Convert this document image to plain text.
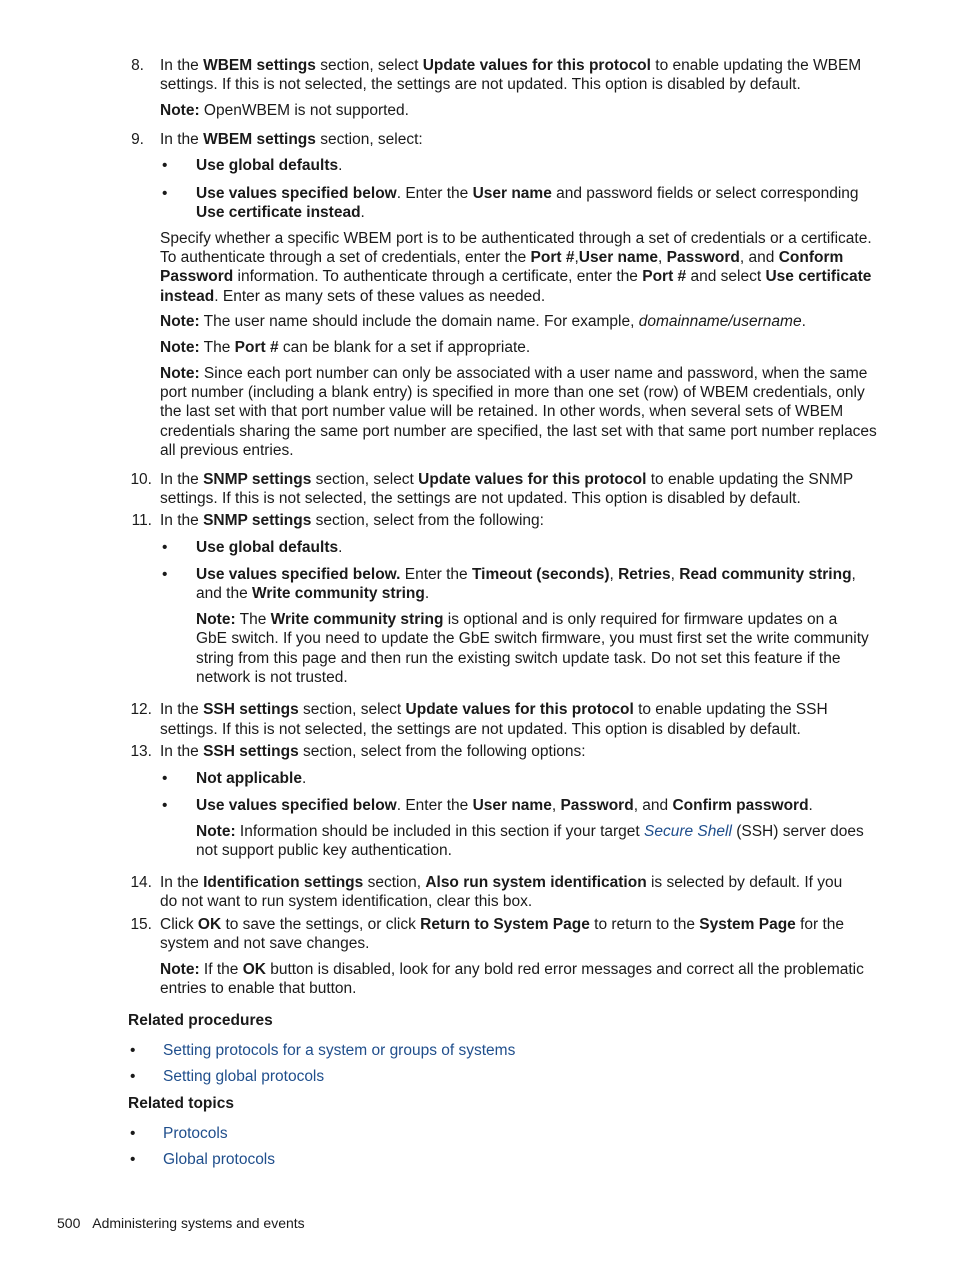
8. In the WBEM settings section, select Update values for this protocol to enable updating the WBEM

settings. If this is not selected, the settings are not updated. This option is disabled by default.

Note: OpenWBEM is not supported.

9. In the WBEM settings section, select:

• Use global defaults.

• Use values specified below. Enter the User name and password fields or select corresponding

Use certificate instead.

Specify whether a specific WBEM port is to be authenticated through a set of credentials or a certificate.

To authenticate through a set of credentials, enter the Port #,User name, Password, and Conform

Password information. To authenticate through a certificate, enter the Port # and select Use certificate

instead. Enter as many sets of these values as needed.

Note: The user name should include the domain name. For example, domainname/username.

Note: The Port # can be blank for a set if appropriate.

Note: Since each port number can only be associated with a user name and password, when the same

port number (including a blank entry) is specified in more than one set (row) of WBEM credentials, only

the last set with that port number value will be retained. In other words, when several sets of WBEM

credentials sharing the same port number are specified, the last set with that same port number replaces

all previous entries.

10. In the SNMP settings section, select Update values for this protocol to enable updating the SNMP

settings. If this is not selected, the settings are not updated. This option is disabled by default.

11. In the SNMP settings section, select from the following:

• Use global defaults.

• Use values specified below. Enter the Timeout (seconds), Retries, Read community string,

and the Write community string.

Note: The Write community string is optional and is only required for firmware updates on a

GbE switch. If you need to update the GbE switch firmware, you must first set the write community

string from this page and then run the existing switch update task. Do not set this feature if the

network is not trusted.

12. In the SSH settings section, select Update values for this protocol to enable updating the SSH

settings. If this is not selected, the settings are not updated. This option is disabled by default.

13. In the SSH settings section, select from the following options:

• Not applicable.

• Use values specified below. Enter the User name, Password, and Confirm password.

Note: Information should be included in this section if your target Secure Shell (SSH) server does

not support public key authentication.

14. In the Identification settings section, Also run system identification is selected by default. If you

do not want to run system identification, clear this box.

15. Click OK to save the settings, or click Return to System Page to return to the System Page for the

system and not save changes.

Note: If the OK button is disabled, look for any bold red error messages and correct all the problematic

entries to enable that button.

Related procedures
• Setting protocols for a system or groups of systems

• Setting global protocols

Related topics
• Protocols

• Global protocols

500 Administering systems and events
